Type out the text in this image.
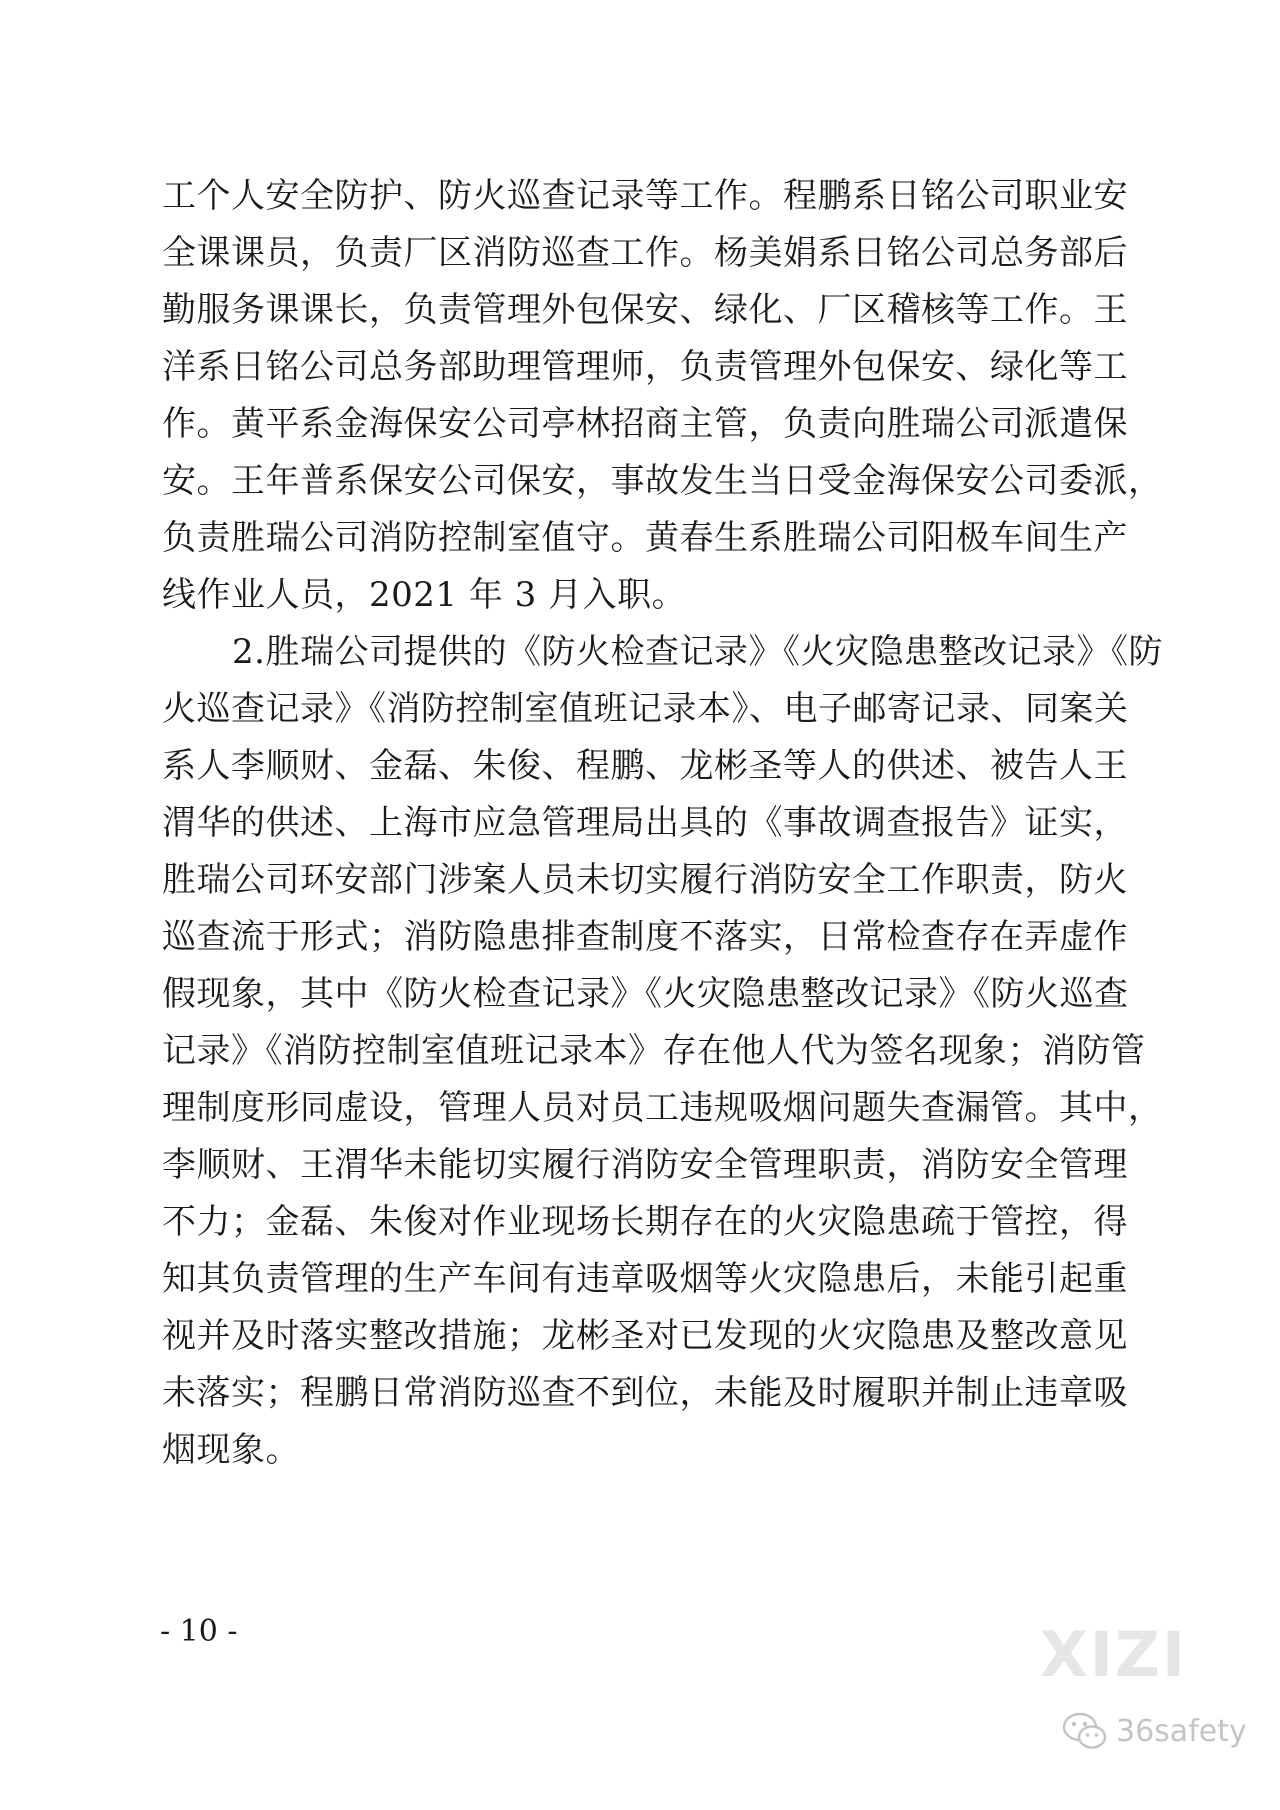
工个人安全防护、防火巡查记录等工作。程鹏系日铭公司职业安
全课课员，负责厂区消防巡查工作。杨美娟系日铭公司总务部后
勤服务课课长，负责管理外包保安、绿化、厂区稽核等工作。王
洋系日铭公司总务部助理管理师，负责管理外包保安、绿化等工
作。黄平系金海保安公司亭林招商主管，负责向胜瑞公司派遣保
安。王年普系保安公司保安，事故发生当日受金海保安公司委派，
负责胜瑞公司消防控制室值守。黄春生系胜瑞公司阳极车间生产
线作业人员，2021 年 3 月入职。
2.胜瑞公司提供的《防火检查记录》《火灾隐患整改记录》《防
火巡查记录》《消防控制室值班记录本》、电子邮寄记录、同案关
系人李顺财、金磊、朱俊、程鹏、龙彬圣等人的供述、被告人王
渭华的供述、上海市应急管理局出具的《事故调查报告》证实，
胜瑞公司环安部门涉案人员未切实履行消防安全工作职责，防火
巡查流于形式；消防隐患排查制度不落实，日常检查存在弄虚作
假现象，其中《防火检查记录》《火灾隐患整改记录》《防火巡查
记录》《消防控制室值班记录本》存在他人代为签名现象；消防管
理制度形同虚设，管理人员对员工违规吸烟问题失查漏管。其中，
李顺财、王渭华未能切实履行消防安全管理职责，消防安全管理
不力；金磊、朱俊对作业现场长期存在的火灾隐患疏于管控，得
知其负责管理的生产车间有违章吸烟等火灾隐患后，未能引起重
视并及时落实整改措施；龙彬圣对已发现的火灾隐患及整改意见
未落实；程鹏日常消防巡查不到位，未能及时履职并制止违章吸
烟现象。
- 10 -	XIZI
36safety
